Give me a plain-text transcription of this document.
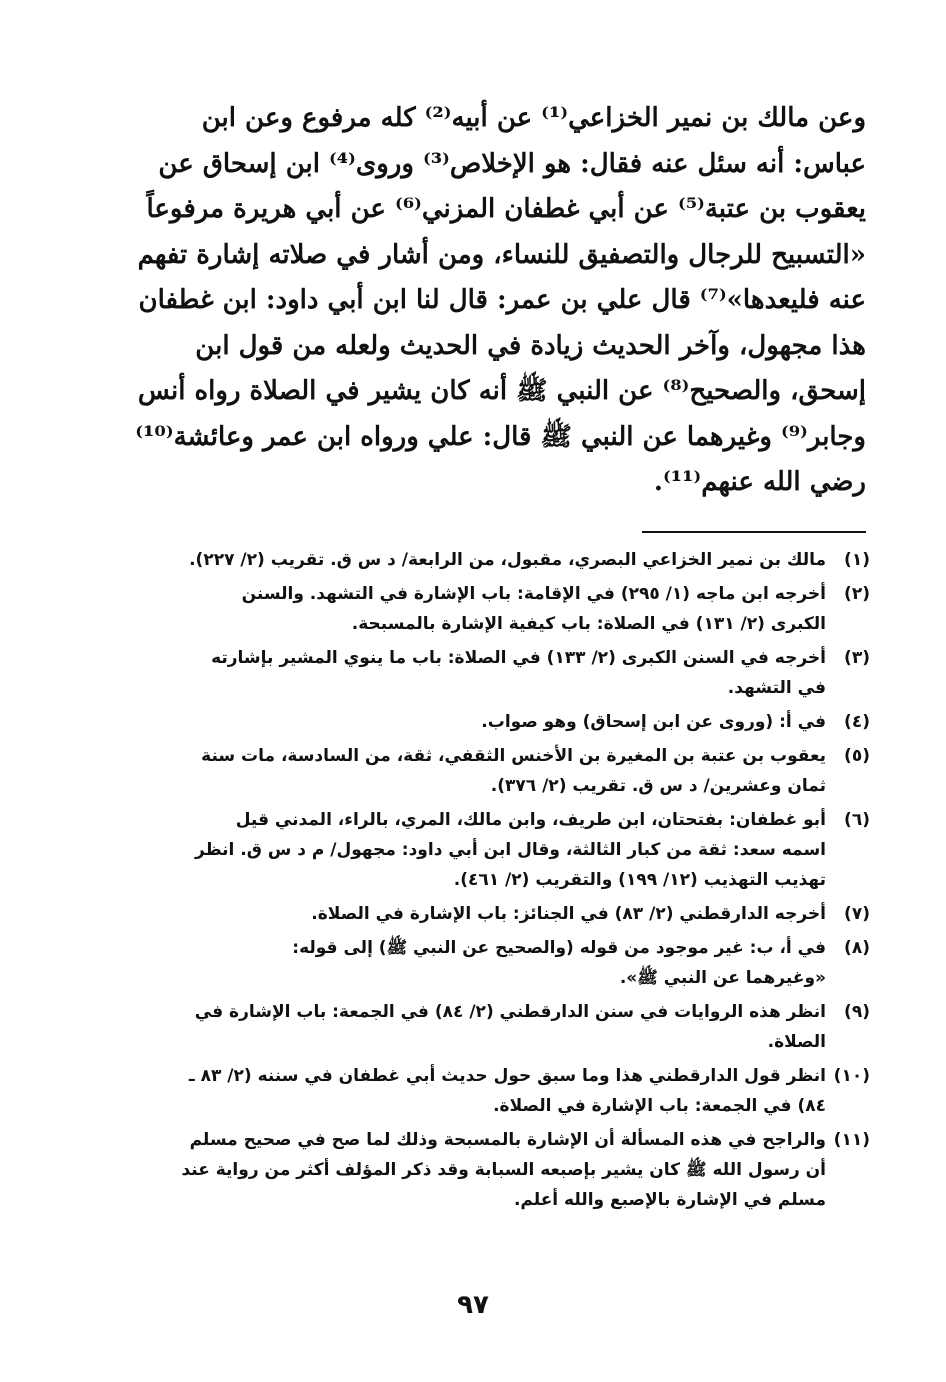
وعن مالك بن نمير الخزاعي⁽¹⁾ عن أبيه⁽²⁾ كله مرفوع وعن ابن
عباس: أنه سئل عنه فقال: هو الإخلاص⁽³⁾ وروى⁽⁴⁾ ابن إسحاق عن
يعقوب بن عتبة⁽⁵⁾ عن أبي غطفان المزني⁽⁶⁾ عن أبي هريرة مرفوعاً
«التسبيح للرجال والتصفيق للنساء، ومن أشار في صلاته إشارة تفهم
عنه فليعدها»⁽⁷⁾ قال علي بن عمر: قال لنا ابن أبي داود: ابن غطفان
هذا مجهول، وآخر الحديث زيادة في الحديث ولعله من قول ابن
إسحق، والصحيح⁽⁸⁾ عن النبي ﷺ أنه كان يشير في الصلاة رواه أنس
وجابر⁽⁹⁾ وغيرهما عن النبي ﷺ قال: علي ورواه ابن عمر وعائشة⁽¹⁰⁾
رضي الله عنهم⁽¹¹⁾.
(١)
مالك بن نمير الخزاعي البصري، مقبول، من الرابعة/ د س ق. تقريب (٢/ ٢٢٧).
(٢)
أخرجه ابن ماجه (١/ ٢٩٥) في الإقامة: باب الإشارة في التشهد. والسنن
الكبرى (٢/ ١٣١) في الصلاة: باب كيفية الإشارة بالمسبحة.
(٣)
أخرجه في السنن الكبرى (٢/ ١٣٣) في الصلاة: باب ما ينوي المشير بإشارته
في التشهد.
(٤)
في أ: (وروى عن ابن إسحاق) وهو صواب.
(٥)
يعقوب بن عتبة بن المغيرة بن الأخنس الثقفي، ثقة، من السادسة، مات سنة
ثمان وعشرين/ د س ق. تقريب (٢/ ٣٧٦).
(٦)
أبو غطفان: بفتحتان، ابن طريف، وابن مالك، المري، بالراء، المدني قيل
اسمه سعد: ثقة من كبار الثالثة، وقال ابن أبي داود: مجهول/ م د س ق. انظر
تهذيب التهذيب (١٢/ ١٩٩) والتقريب (٢/ ٤٦١).
(٧)
أخرجه الدارقطني (٢/ ٨٣) في الجنائز: باب الإشارة في الصلاة.
(٨)
في أ، ب: غير موجود من قوله (والصحيح عن النبي ﷺ) إلى قوله:
«وغيرهما عن النبي ﷺ».
(٩)
انظر هذه الروايات في سنن الدارقطني (٢/ ٨٤) في الجمعة: باب الإشارة في
الصلاة.
(١٠)
انظر قول الدارقطني هذا وما سبق حول حديث أبي غطفان في سننه (٢/ ٨٣ ـ
٨٤) في الجمعة: باب الإشارة في الصلاة.
(١١)
والراجح في هذه المسألة أن الإشارة بالمسبحة وذلك لما صح في صحيح مسلم
أن رسول الله ﷺ كان يشير بإصبعه السبابة وقد ذكر المؤلف أكثر من رواية عند
مسلم في الإشارة بالإصبع والله أعلم.
٩٧
